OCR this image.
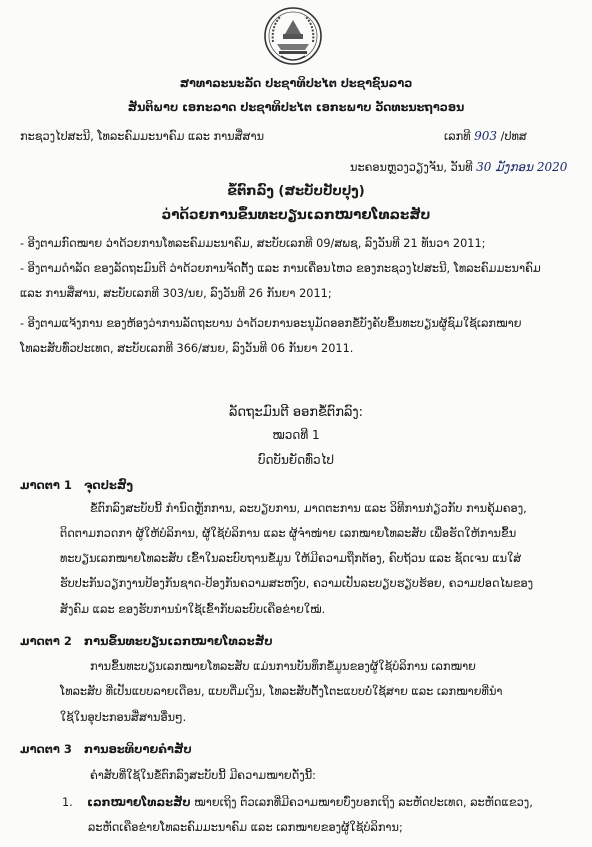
ສາທາລະນະລັດ ປະຊາທິປະໄຕ ປະຊາຊົນລາວ
ສັນຕິພາບ ເອກະລາດ ປະຊາທິປະໄຕ ເອກະພາບ ວັດທະນະຖາວອນ
ກະຊວງໄປສະນີ, ໂທລະຄົມມະນາຄົມ ແລະ ການສື່ສານ	ເລກທີ 903 /ປທສ
ນະຄອນຫຼວງວຽງຈັນ, ວັນທີ 30 ມັງກອນ 2020
ຂໍ້ຕົກລົງ (ສະບັບປັບປຸງ)
ວ່າດ້ວຍການຂຶ້ນທະບຽນເລກໝາຍໂທລະສັບ
- ອີງຕາມກົດໝາຍ ວ່າດ້ວຍການໂທລະຄົມມະນາຄົມ, ສະບັບເລກທີ 09/ສພຊ, ລົງວັນທີ 21 ທັນວາ 2011;
- ອີງຕາມດຳລັດ ຂອງລັດຖະມົນຕີ ວ່າດ້ວຍການຈັດຕັ້ງ ແລະ ການເຄື່ອນໄຫວ ຂອງກະຊວງໄປສະນີ, ໂທລະຄົມມະນາຄົມ
ແລະ ການສື່ສານ, ສະບັບເລກທີ 303/ນຍ, ລົງວັນທີ 26 ກັນຍາ 2011;
- ອີງຕາມແຈ້ງການ ຂອງຫ້ອງວ່າການລັດຖະບານ ວ່າດ້ວຍການອະນຸມັດອອກຂໍ້ບັງຄັບຂຶ້ນທະບຽນຜູ້ຊົມໃຊ້ເລກໝາຍ
ໂທລະສັບທົ່ວປະເທດ, ສະບັບເລກທີ 366/ສນຍ, ລົງວັນທີ 06 ກັນຍາ 2011.
ລັດຖະມົນຕີ ອອກຂໍ້ຕົກລົງ:
ໝວດທີ 1
ບົດບັນຍັດທົ່ວໄປ
ມາດຕາ 1 ຈຸດປະສົງ
ຂໍ້ຕົກລົງສະບັບນີ້ ກຳນົດຫຼັກການ, ລະບຽບການ, ມາດຕະການ ແລະ ວິທີການກ່ຽວກັບ ການຄຸ້ມຄອງ,
ຕິດຕາມກວດກາ ຜູ້ໃຫ້ບໍລິການ, ຜູ້ໃຊ້ບໍລິການ ແລະ ຜູ້ຈຳໜ່າຍ ເລກໝາຍໂທລະສັບ ເພື່ອຮັດໃຫ້ການຂຶ້ນ
ທະບຽນເລກໝາຍໂທລະສັບ ເຂົ້າໃນລະບົບຖານຂໍ້ມູນ ໃຫ້ມີຄວາມຖືກຕ້ອງ, ຄົບຖ້ວນ ແລະ ຊັດເຈນ ແນໃສ່
ຮັບປະກັນວຽກງານປ້ອງກັນຊາດ-ປ້ອງກັນຄວາມສະຫງົບ, ຄວາມເປັນລະບຽບຮຽບຮ້ອຍ, ຄວາມປອດໄພຂອງ
ສັງຄົມ ແລະ ຂອງຮັບການນຳໃຊ້ເຂົ້າກັບລະບົບເຄືອຂ່າຍໃໝ່.
ມາດຕາ 2 ການຂຶ້ນທະບຽນເລກໝາຍໂທລະສັບ
ການຂຶ້ນທະບຽນເລກໝາຍໂທລະສັບ ແມ່ນການບັນທຶກຂໍ້ມູນຂອງຜູ້ໃຊ້ບໍລິການ ເລກໝາຍ
ໂທລະສັບ ທີ່ເປັນແບບລາຍເດືອນ, ແບບຕື່ມເງິນ, ໂທລະສັບຕັ້ງໂຕະແບບບໍ່ໃຊ້ສາຍ ແລະ ເລກໝາຍທີ່ນຳ
ໃຊ້ໃນອຸປະກອນສື່ສານອື່ນໆ.
ມາດຕາ 3 ການອະທິບາຍຄຳສັບ
ຄຳສັບທີ່ໃຊ້ໃນຂໍ້ຕົກລົງສະບັບນີ້ ມີຄວາມໝາຍດັ່ງນີ້:
1. ເລກໝາຍໂທລະສັບ ໝາຍເຖິງ ຕົວເລກທີ່ມີຄວາມໝາຍບົ່ງບອກເຖິງ ລະຫັດປະເທດ, ລະຫັດແຂວງ,
ລະຫັດເຄືອຂ່າຍໂທລະຄົມມະນາຄົມ ແລະ ເລກໝາຍຂອງຜູ້ໃຊ້ບໍລິການ;
